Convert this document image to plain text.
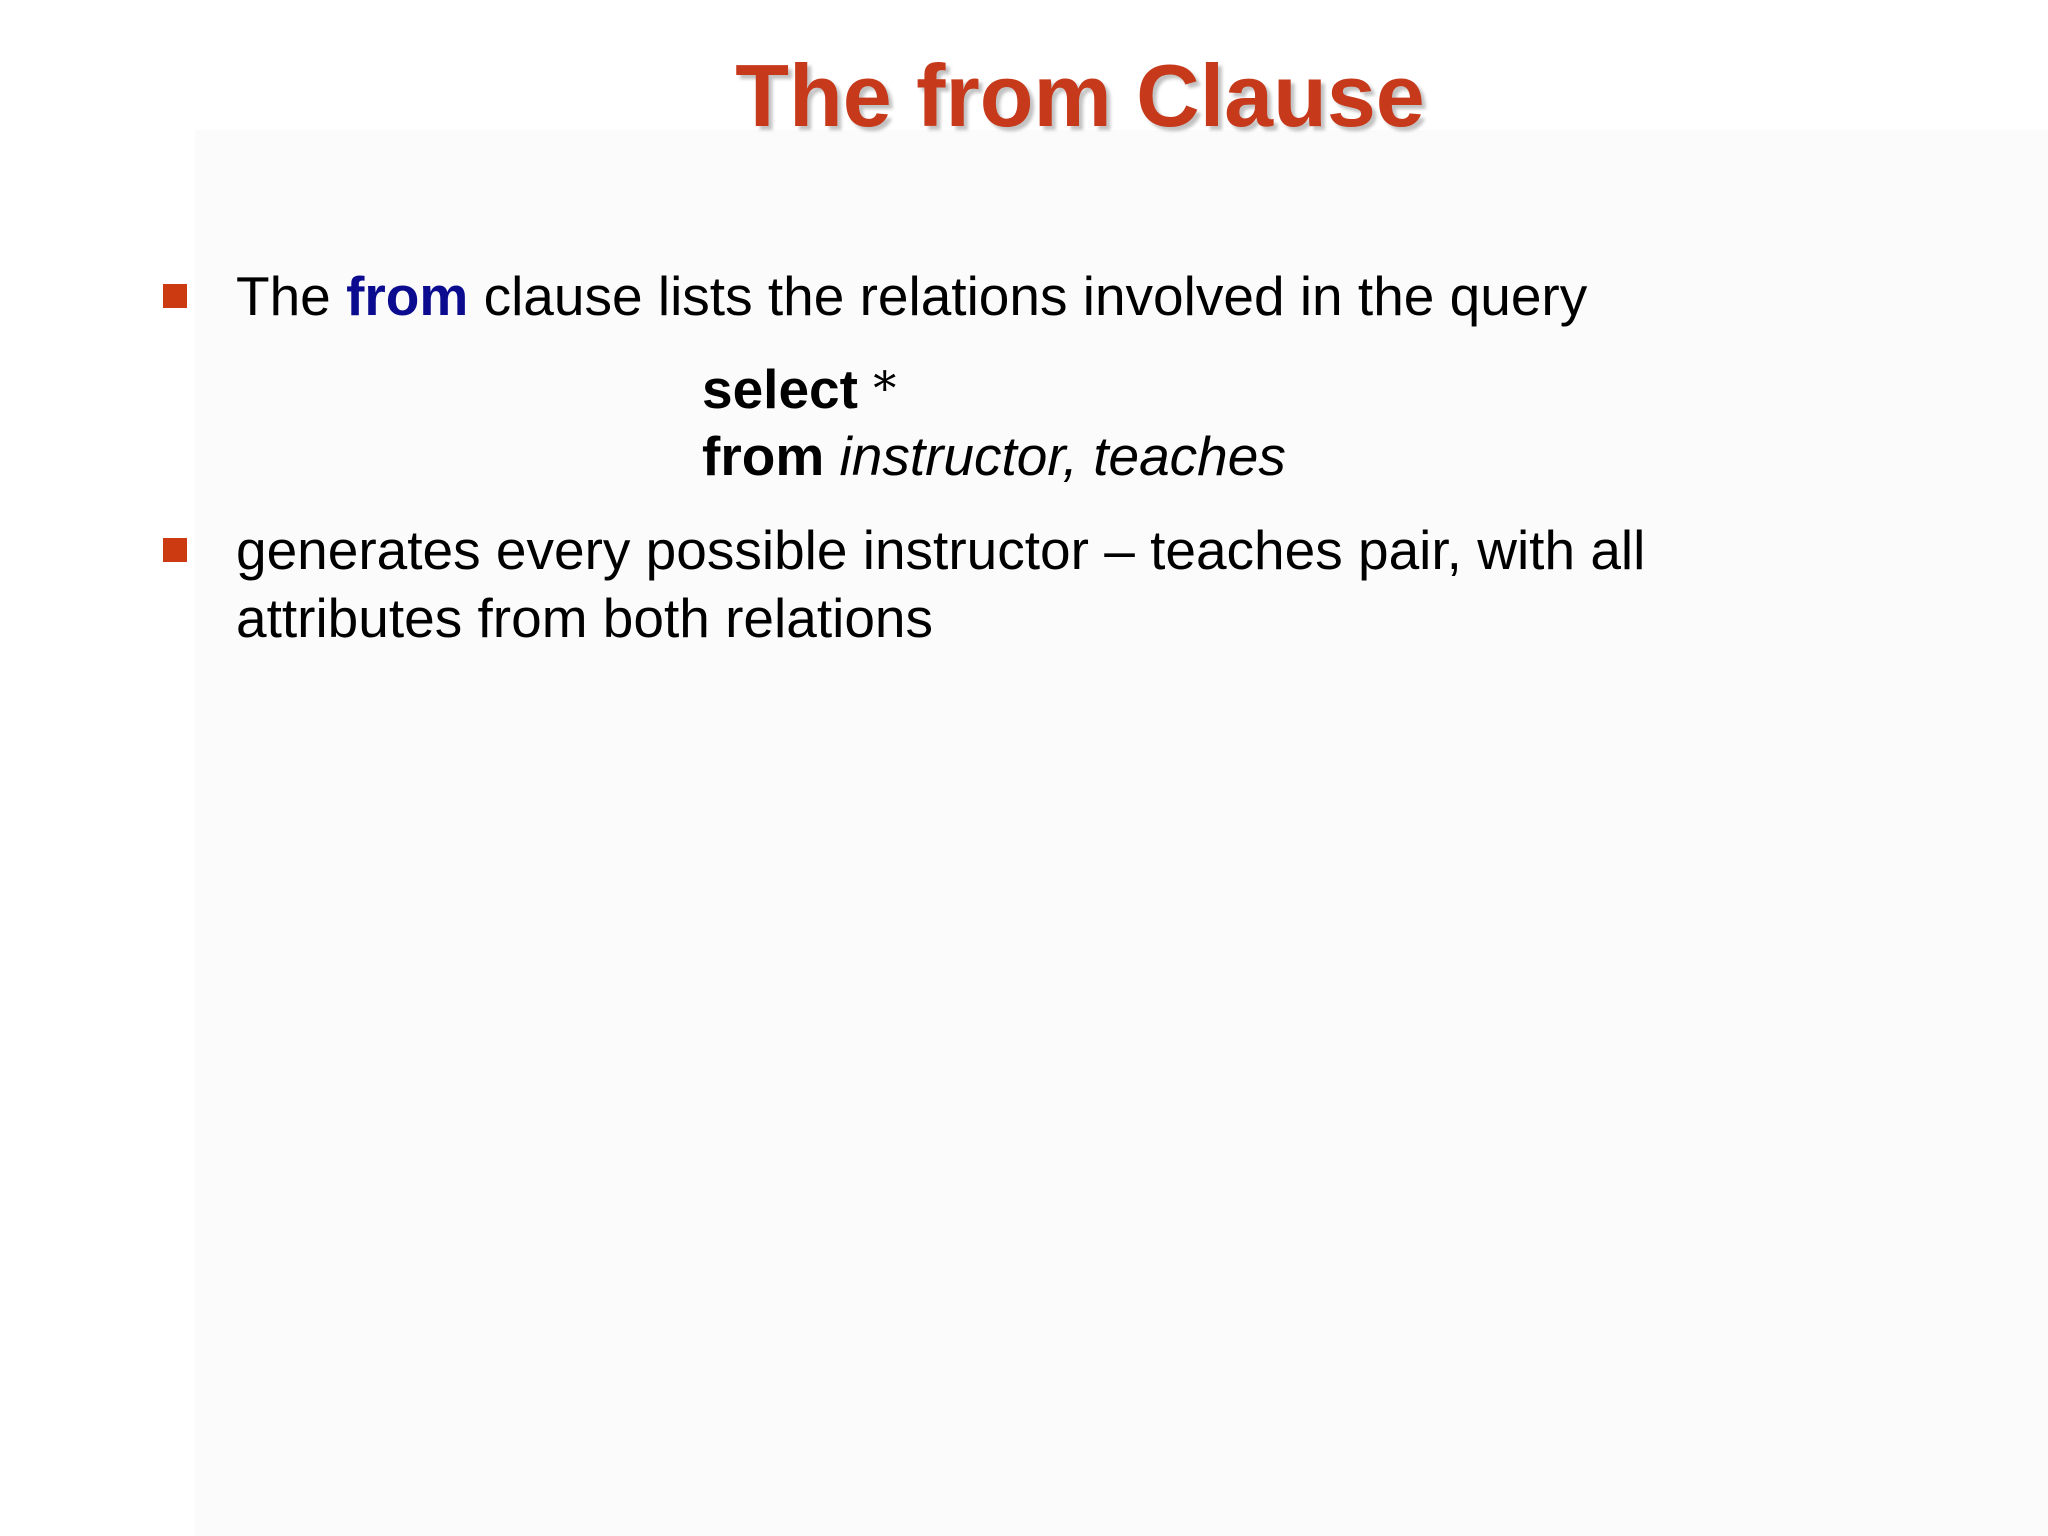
The from Clause
The from clause lists the relations involved in the query
select *
from instructor, teaches
generates every possible instructor – teaches pair, with all
attributes from both relations
